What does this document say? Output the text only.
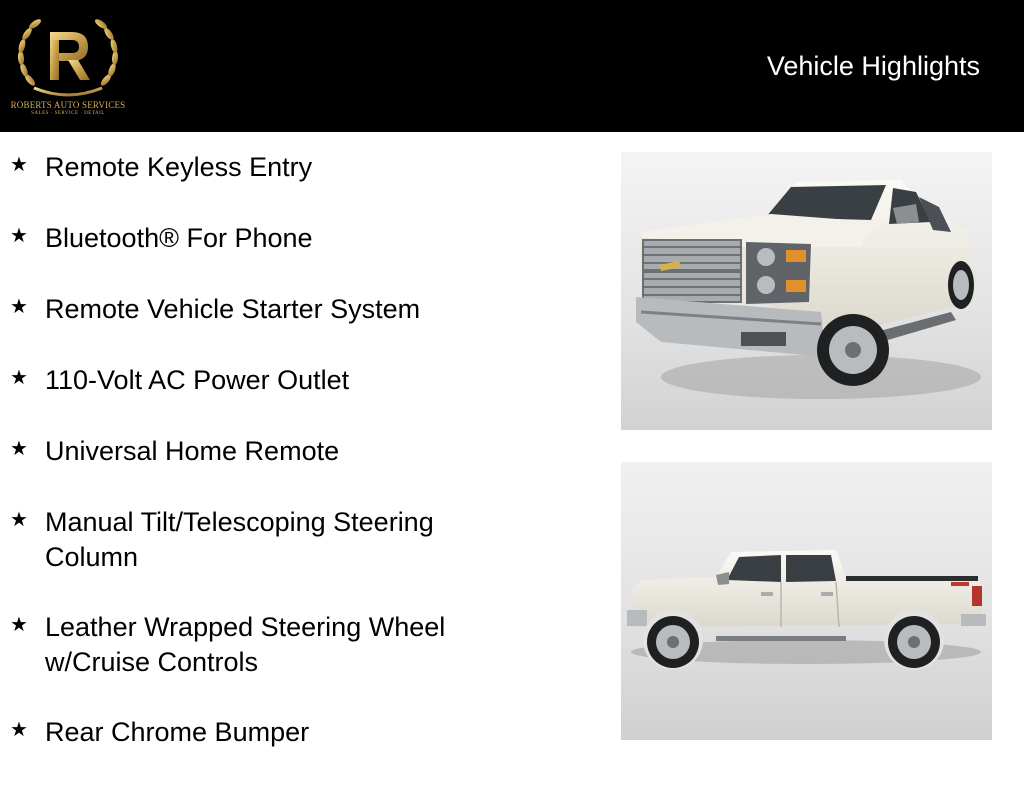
ROBERTS AUTO SERVICES
SALES · SERVICE · DETAIL
Vehicle Highlights
★ Remote Keyless Entry
★ Bluetooth® For Phone
★ Remote Vehicle Starter System
★ 110-Volt AC Power Outlet
★ Universal Home Remote
★ Manual Tilt/Telescoping Steering Column
★ Leather Wrapped Steering Wheel w/Cruise Controls
★ Rear Chrome Bumper
